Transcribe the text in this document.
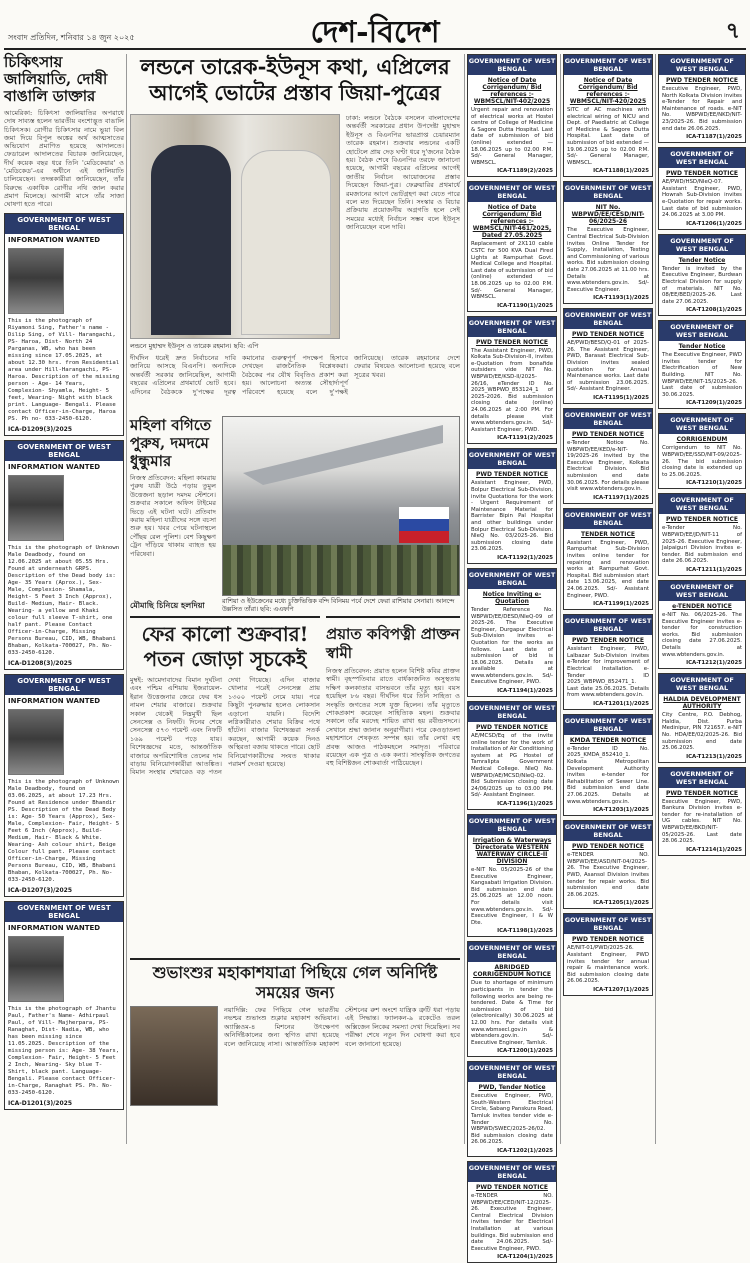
সংবাদ প্রতিদিন, শনিবার ১৪ জুন ২০২৫	দেশ-বিদেশ	৭
চিকিৎসায় জালিয়াতি, দোষী বাঙালি ডাক্তার
আমেরিকা: চিকিৎসা জালিয়াতির অপরাধে দোষ সাব্যস্ত হলেন ভারতীয় বংশোদ্ভূত বাঙালি চিকিৎসক। রোগীর চিকিৎসার নামে ভুয়া বিল জমা দিয়ে বিপুল অঙ্কের অর্থ আত্মসাতের অভিযোগ প্রমাণিত হয়েছে আদালতে। ফেডারেল আদালতের বিচারক জানিয়েছেন, দীর্ঘ কয়েক বছর ধরে তিনি 'মেডিকেয়ার' ও 'মেডিকেড'-এর অধীনে এই জালিয়াতি চালিয়েছেন। তদন্তকারীরা জানিয়েছেন, তাঁর বিরুদ্ধে একাধিক রোগীর নথি জাল করার প্রমাণ মিলেছে। আগামী মাসে তাঁর সাজা ঘোষণা হতে পারে।
GOVERNMENT OF WEST BENGAL
INFORMATION WANTED
This is the photograph of Riyamoni Sing, Father's name - Dilip Sing, of Vill- Harangachi, PS- Haroa, Dist- North 24 Parganas, WB, who has been missing since 17.05.2025, at about 12.30 hrs. from Residential area under Hill-Harangachi, PS- Haroa. Description of the missing person - Age- 14 Years, Complexion- Shyamla, Height- 5 feet, Wearing- Night with black print. Language- Bengali. Please contact Officer-in-Charge, Haroa PS. Ph no- 033-2450-6120.
ICA-D1209(3)/2025
GOVERNMENT OF WEST BENGAL
INFORMATION WANTED
This is the photograph of Unknown Male Deadbody, found on 12.06.2025 at about 05.55 Hrs. Found at underneath GRPS. Description of the Dead body is: Age- 35 Years (Aprox.), Sex- Male, Complexion- Shamala, Height- 5 Feet 3 Inch (Approx), Build- Medium, Hair- Black. Wearing- a yellow and Khaki colour full sleeve T-shirt, one half pant. Please Contact Officer-in-Charge, Missing Persons Bureau, CID, WB, Bhabani Bhaban, Kolkata-700027, Ph. No- 033-2450-6120.
ICA-D1208(3)/2025
GOVERNMENT OF WEST BENGAL
INFORMATION WANTED
This is the photograph of Unknown Male Deadbody, found on 03.06.2025, at about 17.23 Hrs. Found at Residence under Bhandir PS. Description of the Dead Body is: Age- 50 Years (Approx), Sex- Male, Complexion- Fair, Height- 5 Feet 6 Inch (Approx), Build- Medium, Hair- Black & White. Wearing- Ash colour shirt, Beige Colour full pant. Please contact Officer-in-Charge, Missing Persons Bureau, CID, WB, Bhabani Bhaban, Kolkata-700027, Ph. No- 033-2450-6120.
ICA-D1207(3)/2025
GOVERNMENT OF WEST BENGAL
INFORMATION WANTED
This is the photograph of Jhantu Paul, Father's Name- Adhirpaul Paul, of Vill- Majherpara, PS- Ranaghat, Dist- Nadia, WB, who has been missing since 11.05.2025. Description of the missing person is: Age- 38 Years, Complexion- Fair, Height- 5 Feet 2 Inch, Wearing- Sky blue T-Shirt, black pant. Language- Bengali. Please contact Officer-in-Charge, Ranaghat PS. Ph. No- 033-2450-6120.
ICA-D1201(3)/2025
লন্ডনে তারেক-ইউনূস কথা, এপ্রিলের আগেই ভোটের প্রস্তাব জিয়া-পুত্রের
লন্ডনে মুহাম্মদ ইউনূস ও তারেক রহমান। ছবি: এপি
ঢাকা: লন্ডনে বৈঠকে বসলেন বাংলাদেশের অন্তর্বর্তী সরকারের প্রধান উপদেষ্টা মুহাম্মদ ইউনূস ও বিএনপির ভারপ্রাপ্ত চেয়ারম্যান তারেক রহমান। শুক্রবার লন্ডনের একটি হোটেলে প্রায় দেড় ঘণ্টা ধরে দু'জনের বৈঠক হয়। বৈঠক শেষে বিএনপির তরফে জানানো হয়েছে, আগামী বছরের এপ্রিলের আগেই জাতীয় নির্বাচন আয়োজনের প্রস্তাব দিয়েছেন জিয়া-পুত্র। ফেব্রুয়ারির প্রথমার্ধে রমজানের আগে ভোটগ্রহণ করা যেতে পারে বলে মত দিয়েছেন তিনি। সংস্কার ও বিচার প্রক্রিয়ায় প্রয়োজনীয় অগ্রগতি হলে সেই সময়ের মধ্যেই নির্বাচন সম্ভব বলে ইউনূস জানিয়েছেন বলে দাবি।
দীর্ঘদিন ধরেই দ্রুত নির্বাচনের দাবি জানিয়ে আসছে বিএনপি। অন্যদিকে অন্তর্বর্তী সরকার জানিয়েছিল, আগামী বছরের এপ্রিলের প্রথমার্ধে ভোট হবে। এদিনের বৈঠককে দু'পক্ষের দূরত্ব কমানোর গুরুত্বপূর্ণ পদক্ষেপ হিসাবে দেখছেন রাজনৈতিক বিশ্লেষকরা। বৈঠকের পর যৌথ বিবৃতিও প্রকাশ করা হয়। আলোচনা অত্যন্ত সৌহার্দ্যপূর্ণ পরিবেশে হয়েছে বলে দু'পক্ষই জানিয়েছে। তারেক রহমানের দেশে ফেরার বিষয়েও আলোচনা হয়েছে বলে সূত্রের খবর।
মহিলা বগিতে পুরুষ, দমদমে ধুন্ধুমার
নিজস্ব প্রতিবেদন: মহিলা কামরায় পুরুষ যাত্রী উঠে পড়ায় তুমুল উত্তেজনা ছড়াল দমদম স্টেশনে। শুক্রবার সকালে অফিস টাইমের ভিড়ে এই ঘটনা ঘটে। প্রতিবাদ করায় মহিলা যাত্রীদের সঙ্গে বচসা শুরু হয়। খবর পেয়ে ঘটনাস্থলে পৌঁছয় রেল পুলিশ। বেশ কিছুক্ষণ ট্রেন দাঁড়িয়ে থাকায় ব্যাহত হয় পরিষেবা।
রাশিয়া ও ইউক্রেনের মধ্যে চুক্তিভিত্তিক বন্দি বিনিময় পর্বে দেশে ফেরা রাশিয়ার সেনারা। আনন্দে উল্লসিত তাঁরা। ছবি: এএফপি
মৌমাছি চিনিয়ে হলদিয়া
ফের কালো শুক্রবার! পতন জোড়া সূচকেই
মুম্বই: আমেদাবাদের বিমান দুর্ঘটনা এবং পশ্চিম এশিয়ায় ইজরায়েল-ইরান উত্তেজনার জেরে ফের ধস নামল শেয়ার বাজারে। শুক্রবার সকাল থেকেই নিম্নমুখী ছিল সেনসেক্স ও নিফটি। দিনের শেষে সেনসেক্স ৫৭৩ পয়েন্ট এবং নিফটি ১৬৯ পয়েন্ট পড়ে যায়। বিশেষজ্ঞদের মতে, আন্তর্জাতিক বাজারে অপরিশোধিত তেলের দাম বাড়ায় বিনিয়োগকারীরা আতঙ্কিত। বিমান সংস্থার শেয়ারেও বড় পতন দেখা গিয়েছে। এদিন বাজার খোলার পরেই সেনসেক্স প্রায় ১৩০০ পয়েন্ট নেমে যায়। পরে কিছুটা পুনরুদ্ধার হলেও লোকসান এড়ানো যায়নি। বিদেশি লগ্নিকারীরাও শেয়ার বিক্রির পথে হাঁটেন। বাজার বিশেষজ্ঞরা সতর্ক করছেন, আগামী কয়েক দিনও অস্থিরতা বজায় থাকতে পারে। ছোট বিনিয়োগকারীদের সংযত থাকার পরামর্শ দেওয়া হয়েছে।
প্রয়াত কবিপত্নী প্রাক্তন স্বামী
নিজস্ব প্রতিবেদন: প্রয়াত হলেন বিশিষ্ট কবির প্রাক্তন স্বামী। বৃহস্পতিবার রাতে বার্ধক্যজনিত অসুস্থতায় দক্ষিণ কলকাতার বাসভবনে তাঁর মৃত্যু হয়। বয়স হয়েছিল ৮৬ বছর। দীর্ঘদিন ধরে তিনি সাহিত্য ও সংস্কৃতি জগতের সঙ্গে যুক্ত ছিলেন। তাঁর মৃত্যুতে শোকপ্রকাশ করেছেন সাহিত্যিক মহল। শুক্রবার সকালে তাঁর মরদেহ শায়িত রাখা হয় রবীন্দ্রসদনে। সেখানে শ্রদ্ধা জানান অনুরাগীরা। পরে কেওড়াতলা মহাশ্মশানে শেষকৃত্য সম্পন্ন হয়। তাঁর লেখা বহু প্রবন্ধ আজও পাঠকমহলে সমাদৃত। পরিবারে রয়েছেন এক পুত্র ও এক কন্যা। সাংস্কৃতিক জগতের বহু বিশিষ্টজন শোকবার্তা পাঠিয়েছেন।
শুভাংশুর মহাকাশযাত্রা পিছিয়ে গেল অনির্দিষ্ট সময়ের জন্য
নয়াদিল্লি: ফের পিছিয়ে গেল ভারতীয় নভশ্চর শুভাংশু শুক্লার মহাকাশ অভিযান। অ্যাক্সিওম-৪ মিশনের উৎক্ষেপণ অনির্দিষ্টকালের জন্য স্থগিত রাখা হয়েছে বলে জানিয়েছে নাসা। আন্তর্জাতিক মহাকাশ স্টেশনের রুশ অংশে যান্ত্রিক ত্রুটি ধরা পড়ায় এই সিদ্ধান্ত। ফ্যালকন-৯ রকেটেও তরল অক্সিজেন লিকের সমস্যা দেখা দিয়েছিল। সব পরীক্ষা শেষে নতুন দিন ঘোষণা করা হবে বলে জানানো হয়েছে।
GOVERNMENT OF WEST BENGAL
Notice of Date Corrigendum/ Bid references :- WBMSCL/NIT-402/2025
Urgent repair and renovation of electrical works at Hostel centre of College of Medicine & Sagore Dutta Hospital. Last date of submission of bid (online) extended — 18.06.2025 up to 02.00 P.M. Sd/- General Manager, WBMSCL.
ICA-T1189(2)/2025
GOVERNMENT OF WEST BENGAL
Notice of Date Corrigendum/ Bid references :- WBMSCL/NIT-461/2025, Dated 27.05.2025
Replacement of 2X110 cable CSTC for 500 KVA Dual Fired Lights at Rampurhat Govt. Medical College and Hospital. Last date of submission of bid (online) extended — 18.06.2025 up to 02.00 P.M. Sd/- General Manager, WBMSCL.
ICA-T1190(1)/2025
GOVERNMENT OF WEST BENGAL
PWD TENDER NOTICE
The Assistant Engineer, PWD, Kolkata Sub-Division-II, invites e-Quotation from bonafide outsiders vide NIT No. WBPWD/EE/KSD-II/2025-26/16, eTender ID No. 2025_WBPWD_853124_1 of 2025-2026. Bid submission closing date (online) 24.06.2025 at 2:00 PM. For details please visit www.wbtenders.gov.in. Sd/- Assistant Engineer, PWD.
ICA-T1191(2)/2025
GOVERNMENT OF WEST BENGAL
PWD TENDER NOTICE
Assistant Engineer, PWD, Bolpur Electrical Sub-Division, invite Quotations for the work - Urgent Requirement of Maintenance Material for Barrister Bipin Pal Hospital and other buildings under Bolpur Electrical Sub-Division. NIeQ No. 03/2025-26. Bid submission closing date 23.06.2025.
ICA-T1192(1)/2025
GOVERNMENT OF WEST BENGAL
Notice Inviting e-Quotation
Tender Reference No. WBPWD/EE/DESD/NIeQ-09 of 2025-26. The Executive Engineer, Durgapur Electrical Sub-Division invites e-Quotation for the works as follows. Last date of submission of bid is 18.06.2025. Details are available at www.wbtenders.gov.in. Sd/- Executive Engineer, PWD.
ICA-T1194(1)/2025
GOVERNMENT OF WEST BENGAL
PWD TENDER NOTICE
AE/MCSD/Eq of the invite online tender for the work of Installation of Air Conditioning system at PG Hostel of Tamralipta Government Medical College. NIeQ No. WBPWD/AE/MCSD/NIeQ-02. Bid Submission closing date 24/06/2025 up to 03.00 PM. Sd/- Assistant Engineer.
ICA-T1196(1)/2025
GOVERNMENT OF WEST BENGAL
Irrigation & Waterways Directorate WESTERN WATERWAY CIRCLE-II DIVISION
e-NIT No. 05/2025-26 of the Executive Engineer, Kangsabati Irrigation Division. Bid submission end date 25.06.2025 at 12.00 noon. For details visit www.wbtenders.gov.in. Sd/- Executive Engineer, I & W Dte.
ICA-T1198(1)/2025
GOVERNMENT OF WEST BENGAL
ABRIDGED CORRIGENDUM NOTICE
Due to shortage of minimum participants in tender the following works are being re-tendered. Date & Time for submission of bid (electronically) 30.06.2025 at 12.00 hrs. For details visit www.wbmsecl.gov.in & wbtenders.gov.in. Sd/- Executive Engineer, Tamluk.
ICA-T1200(1)/2025
GOVERNMENT OF WEST BENGAL
PWD, Tender Notice
Executive Engineer, PWD, South-Western Electrical Circle, Sabang Panskura Road, Tamluk invites tender vide e-Tender No. WBPWD/SWEC/2025-26/02. Bid submission closing date 26.06.2025.
ICA-T1202(1)/2025
GOVERNMENT OF WEST BENGAL
PWD TENDER NOTICE
e-TENDER NO. WBPWD/EE/CED/NIT-12/2025-26. Executive Engineer, Central Electrical Division invites tender for Electrical Installation at various buildings. Bid submission end date 24.06.2025. Sd/- Executive Engineer, PWD.
ICA-T1204(1)/2025
GOVERNMENT OF WEST BENGAL
Notice of Date Corrigendum/ Bid references :- WBMSCL/NIT-420/2025
SITC of AC machines with electrical wiring of NICU and Dept. of Paediatric at College of Medicine & Sagore Dutta Hospital. Last date of submission of bid extended — 19.06.2025 up to 02.00 P.M. Sd/- General Manager, WBMSCL.
ICA-T1188(1)/2025
GOVERNMENT OF WEST BENGAL
NIT No. WBPWD/EE/CESD/NIT-06/2025-26
The Executive Engineer, Central Electrical Sub-Division invites Online Tender for Supply, Installation, Testing and Commissioning of various works. Bid submission closing date 27.06.2025 at 11.00 hrs. Details at www.wbtenders.gov.in. Sd/- Executive Engineer.
ICA-T1193(1)/2025
GOVERNMENT OF WEST BENGAL
PWD TENDER NOTICE
AE/PWD/BESD/Q-01 of 2025-26. The Assistant Engineer, PWD, Barasat Electrical Sub-Division invites sealed quotation for Annual Maintenance works. Last date of submission 23.06.2025. Sd/- Assistant Engineer.
ICA-T1195(1)/2025
GOVERNMENT OF WEST BENGAL
PWD TENDER NOTICE
e-Tender Notice No. WBPWD/EE/KED/e-NIT-19/2025-26 invited by the Executive Engineer, Kolkata Electrical Division. Bid submission end date 30.06.2025. For details please visit www.wbtenders.gov.in.
ICA-T1197(1)/2025
GOVERNMENT OF WEST BENGAL
TENDER NOTICE
Assistant Engineer, PWD, Rampurhat Sub-Division invites online tender for repairing and renovation works at Rampurhat Govt. Hospital. Bid submission start date 13.06.2025, end date 24.06.2025. Sd/- Assistant Engineer, PWD.
ICA-T1199(1)/2025
GOVERNMENT OF WEST BENGAL
PWD TENDER NOTICE
Assistant Engineer, PWD, Lalbazar Sub-Division invites e-Tender for improvement of Electrical Installation. e-Tender ID 2025_WBPWD_852471_1. Last date 25.06.2025. Details from www.wbtenders.gov.in.
ICA-T1201(1)/2025
GOVERNMENT OF WEST BENGAL
KMDA TENDER NOTICE
e-Tender ID No. 2025_KMDA_852410_1. Kolkata Metropolitan Development Authority invites e-tender for Rehabilitation of Sewer Line. Bid submission end date 27.06.2025. Details at www.wbtenders.gov.in.
ICA-T1203(1)/2025
GOVERNMENT OF WEST BENGAL
PWD TENDER NOTICE
e-TENDER NO. WBPWD/EE/ASD/NIT-04/2025-26. The Executive Engineer, PWD, Asansol Division invites tender for repair works. Bid submission end date 28.06.2025.
ICA-T1205(1)/2025
GOVERNMENT OF WEST BENGAL
PWD TENDER NOTICE
AE/NIT-01/PWD/2025-26. Assistant Engineer, PWD invites tender for annual repair & maintenance work. Bid submission closing date 26.06.2025.
ICA-T1207(1)/2025
GOVERNMENT OF WEST BENGAL
PWD TENDER NOTICE
Executive Engineer, PWD, North Kolkata Division invites e-Tender for Repair and Maintenance of roads. e-NIT No. WBPWD/EE/NKD/NIT-23/2025-26. Bid submission end date 26.06.2025.
ICA-T1187(1)/2025
GOVERNMENT OF WEST BENGAL
PWD TENDER NOTICE
AE/PWD/HSD/NIeQ-07. Assistant Engineer, PWD, Howrah Sub-Division invites e-Quotation for repair works. Last date of bid submission 24.06.2025 at 3.00 PM.
ICA-T1206(1)/2025
GOVERNMENT OF WEST BENGAL
Tender Notice
Tender is invited by the Executive Engineer, Burdwan Electrical Division for supply of materials. NIT No. 08/EE/BED/2025-26. Last date 27.06.2025.
ICA-T1208(1)/2025
GOVERNMENT OF WEST BENGAL
Tender Notice
The Executive Engineer, PWD invites tender for Electrification of New Building. NIT No. WBPWD/EE/NIT-15/2025-26. Last date of submission 30.06.2025.
ICA-T1209(1)/2025
GOVERNMENT OF WEST BENGAL
CORRIGENDUM
Corrigendum to NIT No. WBPWD/EE/SSD/NIT-09/2025-26. The bid submission closing date is extended up to 25.06.2025.
ICA-T1210(1)/2025
GOVERNMENT OF WEST BENGAL
PWD TENDER NOTICE
e-Tender No. WBPWD/EE/JD/NIT-11 of 2025-26. Executive Engineer, Jalpaiguri Division invites e-tender. Bid submission end date 26.06.2025.
ICA-T1211(1)/2025
GOVERNMENT OF WEST BENGAL
e-TENDER NOTICE
e-NIT No. 06/2025-26. The Executive Engineer invites e-tender for construction works. Bid submission closing date 27.06.2025. Details at www.wbtenders.gov.in.
ICA-T1212(1)/2025
GOVERNMENT OF WEST BENGAL
HALDIA DEVELOPMENT AUTHORITY
City Centre, P.O. Debhog, Haldia, Dist. Purba Medinipur, PIN 721657. e-NIT No. HDA/EE/02/2025-26. Bid submission end date 25.06.2025.
ICA-T1213(1)/2025
GOVERNMENT OF WEST BENGAL
PWD TENDER NOTICE
Executive Engineer, PWD, Bankura Division invites e-tender for re-installation of UG cables. NIT No. WBPWD/EE/BKD/NIT-05/2025-26. Last date 28.06.2025.
ICA-T1214(1)/2025
